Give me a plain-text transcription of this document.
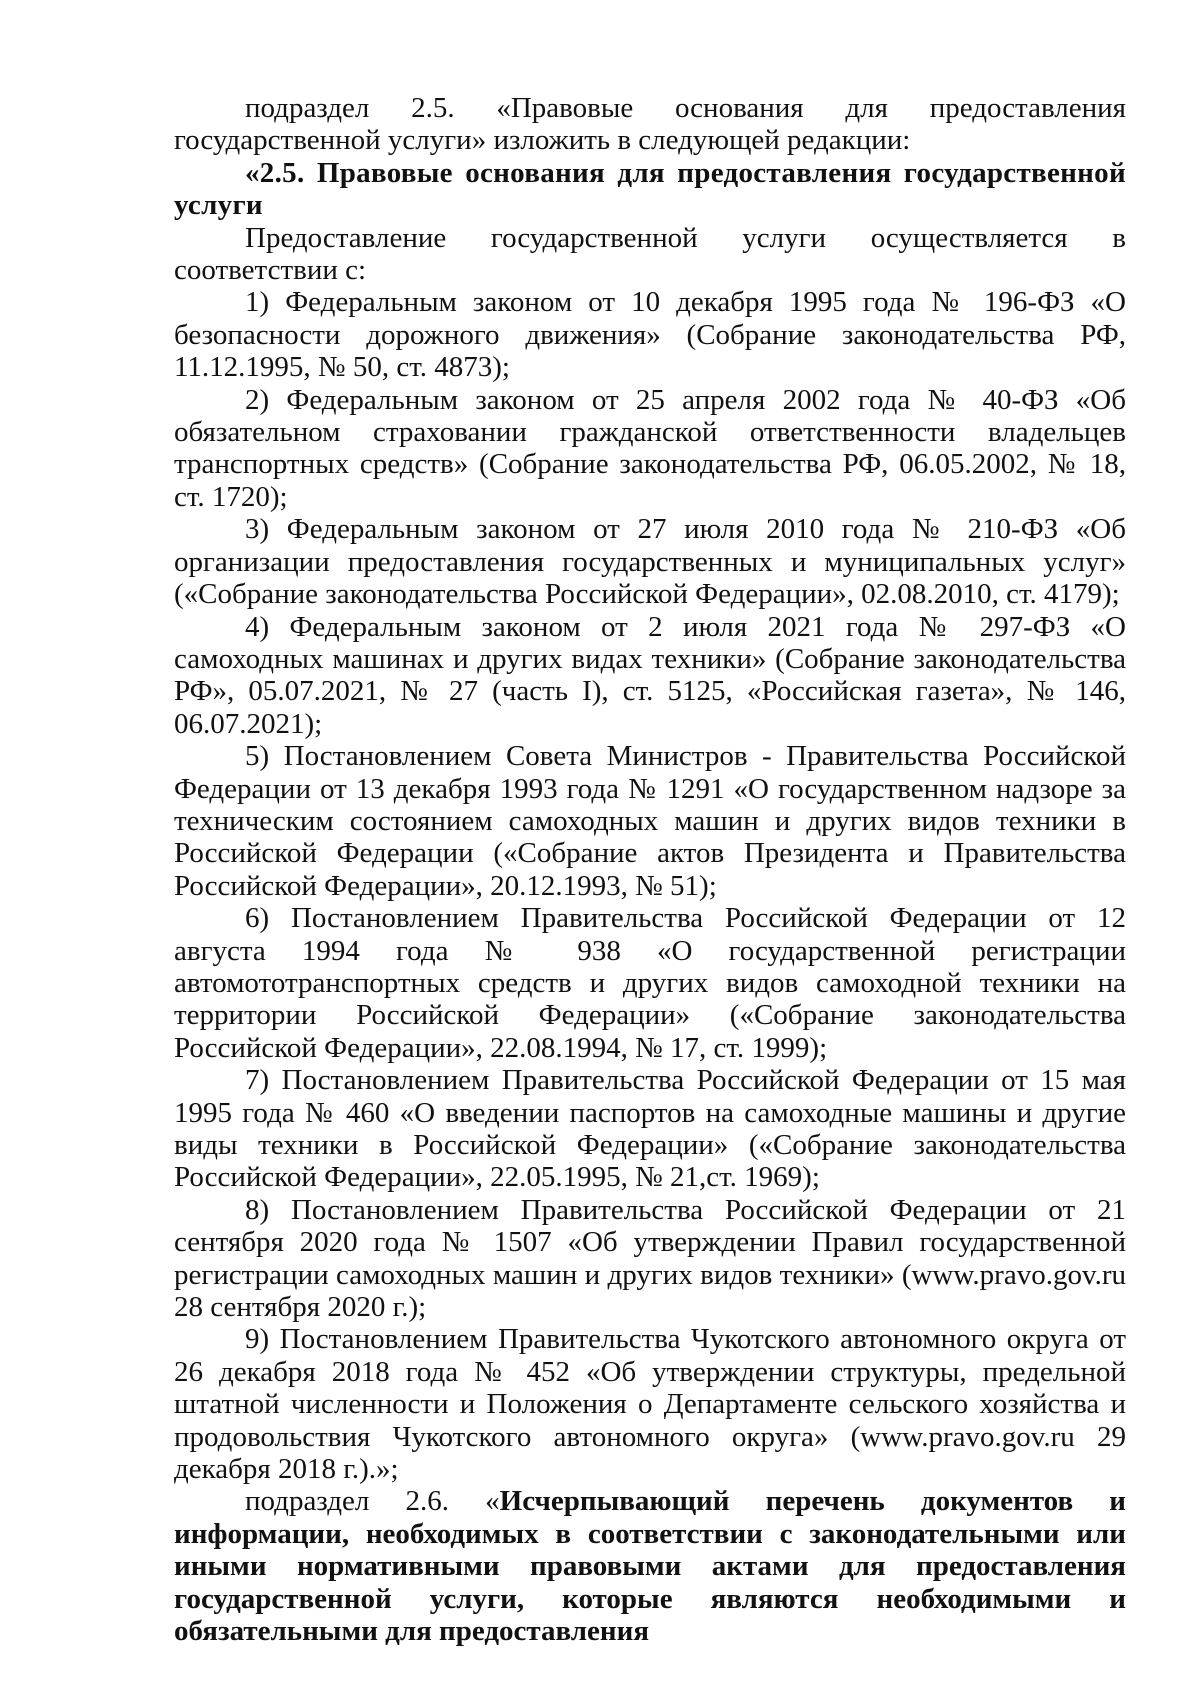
подраздел 2.5. «Правовые основания для предоставления государственной услуги» изложить в следующей редакции:

«2.5. Правовые основания для предоставления государственной услуги

Предоставление государственной услуги осуществляется в соответствии с:

1) Федеральным законом от 10 декабря 1995 года № 196-ФЗ «О безопасности дорожного движения» (Собрание законодательства РФ, 11.12.1995, № 50, ст. 4873);

2) Федеральным законом от 25 апреля 2002 года № 40-ФЗ «Об обязательном страховании гражданской ответственности владельцев транспортных средств» (Собрание законодательства РФ, 06.05.2002, № 18, ст. 1720);

3) Федеральным законом от 27 июля 2010 года № 210-ФЗ «Об организации предоставления государственных и муниципальных услуг» («Собрание законодательства Российской Федерации», 02.08.2010, ст. 4179);

4) Федеральным законом от 2 июля 2021 года № 297-ФЗ «О самоходных машинах и других видах техники» (Собрание законодательства РФ», 05.07.2021, № 27 (часть I), ст. 5125, «Российская газета», № 146, 06.07.2021);

5) Постановлением Совета Министров - Правительства Российской Федерации от 13 декабря 1993 года № 1291 «О государственном надзоре за техническим состоянием самоходных машин и других видов техники в Российской Федерации («Собрание актов Президента и Правительства Российской Федерации», 20.12.1993, № 51);

6) Постановлением Правительства Российской Федерации от 12 августа 1994 года № 938 «О государственной регистрации автомототранспортных средств и других видов самоходной техники на территории Российской Федерации» («Собрание законодательства Российской Федерации», 22.08.1994, № 17, ст. 1999);

7) Постановлением Правительства Российской Федерации от 15 мая 1995 года № 460 «О введении паспортов на самоходные машины и другие виды техники в Российской Федерации» («Собрание законодательства Российской Федерации», 22.05.1995, № 21,ст. 1969);

8) Постановлением Правительства Российской Федерации от 21 сентября 2020 года № 1507 «Об утверждении Правил государственной регистрации самоходных машин и других видов техники» (www.pravo.gov.ru 28 сентября 2020 г.);

9) Постановлением Правительства Чукотского автономного округа от 26 декабря 2018 года № 452 «Об утверждении структуры, предельной штатной численности и Положения о Департаменте сельского хозяйства и продовольствия Чукотского автономного округа» (www.pravo.gov.ru 29 декабря 2018 г.).»;

подраздел 2.6. «Исчерпывающий перечень документов и информации, необходимых в соответствии с законодательными или иными нормативными правовыми актами для предоставления государственной услуги, которые являются необходимыми и обязательными для предоставления
